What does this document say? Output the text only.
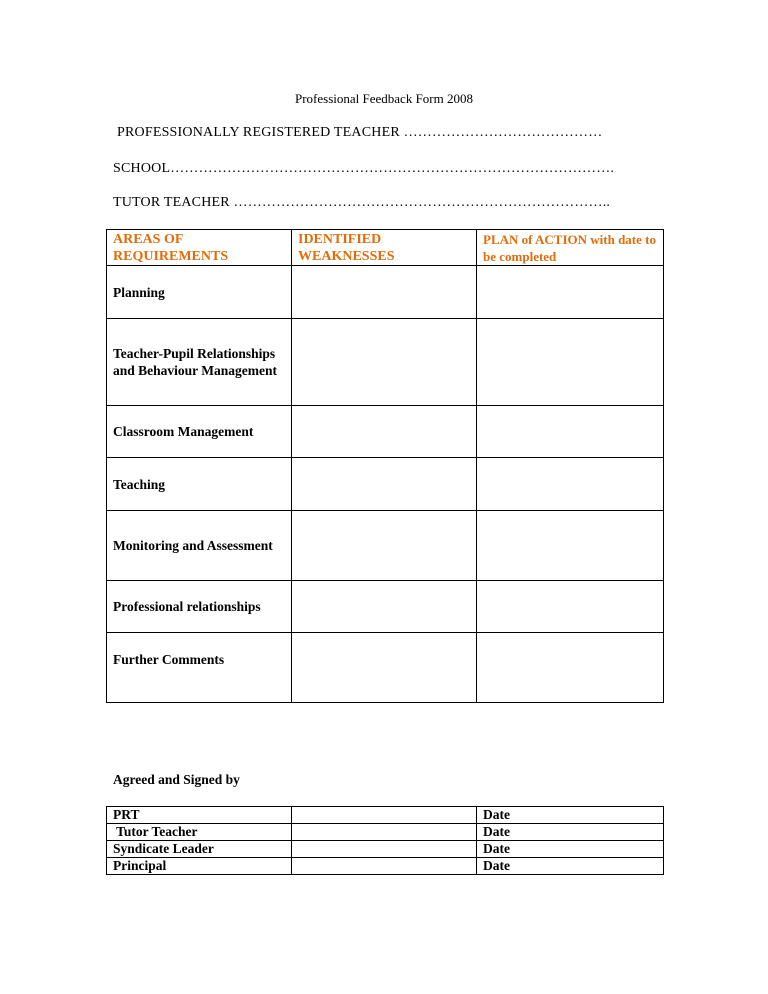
Professional Feedback Form 2008
PROFESSIONALLY REGISTERED TEACHER ……………………………………
SCHOOL………………………………………………………………………………….
TUTOR TEACHER ……………………………………………………………………..
AREAS OF REQUIREMENTS	IDENTIFIED WEAKNESSES	PLAN of ACTION with date to be completed
Planning		
Teacher-Pupil Relationships and Behaviour Management		
Classroom Management		
Teaching		
Monitoring and Assessment		
Professional relationships		
Further Comments		
Agreed and Signed by
PRT		Date
Tutor Teacher		Date
Syndicate Leader		Date
Principal		Date
